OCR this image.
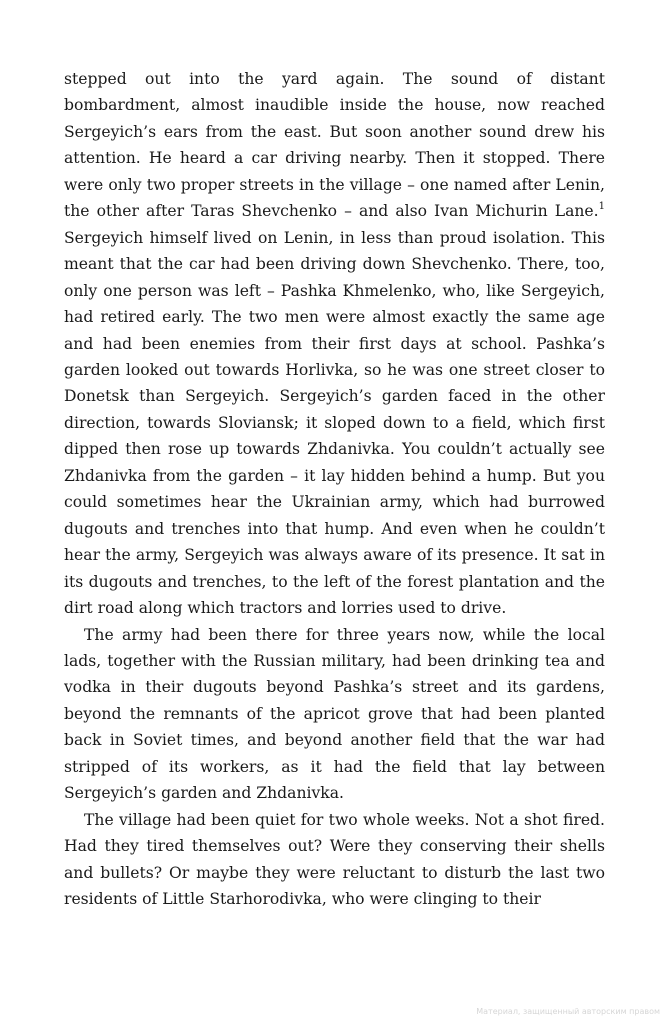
stepped out into the yard again. The sound of distant bombardment, almost inaudible inside the house, now reached Sergeyich’s ears from the east. But soon another sound drew his attention. He heard a car driving nearby. Then it stopped. There were only two proper streets in the village – one named after Lenin, the other after Taras Shevchenko – and also Ivan Michurin Lane.$^1$ Sergeyich himself lived on Lenin, in less than proud isolation. This meant that the car had been driving down Shevchenko. There, too, only one person was left – Pashka Khmelenko, who, like Sergeyich, had retired early. The two men were almost exactly the same age and had been enemies from their first days at school. Pashka’s garden looked out towards Horlivka, so he was one street closer to Donetsk than Sergeyich. Sergeyich’s garden faced in the other direction, towards Sloviansk; it sloped down to a field, which first dipped then rose up towards Zhdanivka. You couldn’t actually see Zhdanivka from the garden – it lay hidden behind a hump. But you could sometimes hear the Ukrainian army, which had burrowed dugouts and trenches into that hump. And even when he couldn’t hear the army, Sergeyich was always aware of its presence. It sat in its dugouts and trenches, to the left of the forest plantation and the dirt road along which tractors and lorries used to drive.

The army had been there for three years now, while the local lads, together with the Russian military, had been drinking tea and vodka in their dugouts beyond Pashka’s street and its gardens, beyond the remnants of the apricot grove that had been planted back in Soviet times, and beyond another field that the war had stripped of its workers, as it had the field that lay between Sergeyich’s garden and Zhdanivka.

The village had been quiet for two whole weeks. Not a shot fired. Had they tired themselves out? Were they conserving their shells and bullets? Or maybe they were reluctant to disturb the last two residents of Little Starhorodivka, who were clinging to their

Материал, защищенный авторским правом
